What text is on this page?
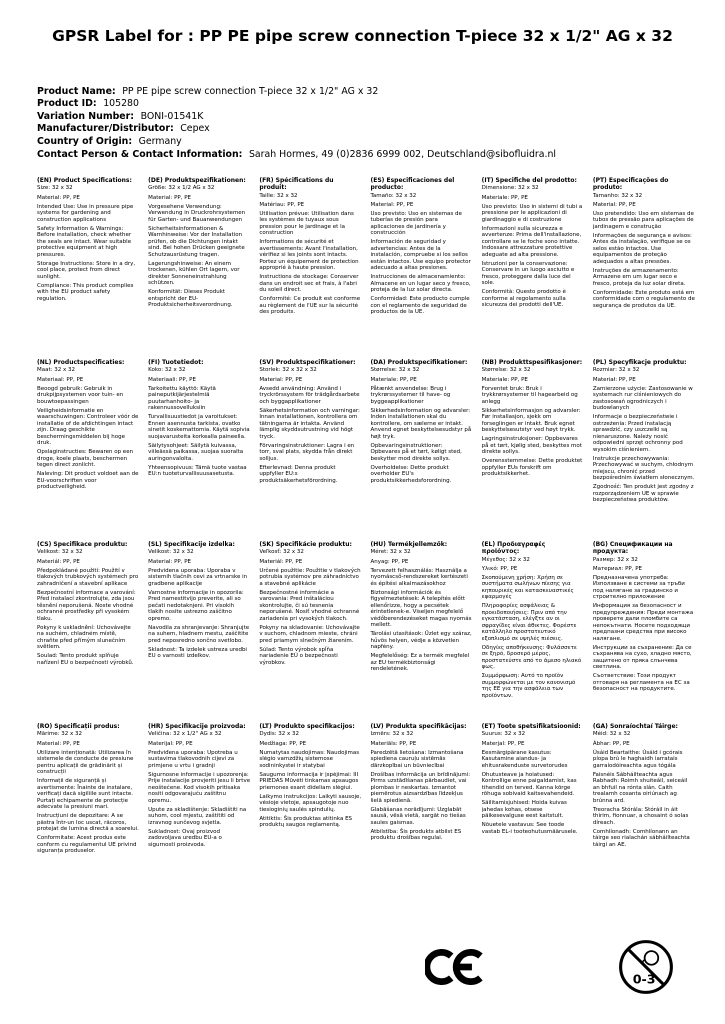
GPSR Label for : PP PE pipe screw connection T-piece 32 x 1/2" AG x 32
Product Name: PP PE pipe screw connection T-piece 32 x 1/2" AG x 32
Product ID: 105280
Variation Number: BONI-01541K
Manufacturer/Distributor: Cepex
Country of Origin: Germany
Contact Person & Contact Information: Sarah Hormes, 49 (0)2836 6999 002, Deutschland@sibofluidra.nl
(EN) Product Specifications:

Size: 32 x 32

Material: PP, PE

Intended Use: Use in pressure pipe systems for gardening and construction applications

Safety Information & Warnings: Before installation, check whether the seals are intact. Wear suitable protective equipment at high pressures.

Storage Instructions: Store in a dry, cool place, protect from direct sunlight.

Compliance: This product complies with the EU product safety regulation.

(DE) Produktspezifikationen:

Größe: 32 x 1/2 AG x 32

Material: PP, PE

Vorgesehene Verwendung: Verwendung in Druckrohrsystemen für Garten- und Bauanwendungen

Sicherheitsinformationen & Warnhinweise: Vor der Installation prüfen, ob die Dichtungen intakt sind. Bei hohen Drücken geeignete Schutzausrüstung tragen.

Lagerungshinweise: An einem trockenen, kühlen Ort lagern, vor direkter Sonneneinstrahlung schützen.

Konformität: Dieses Produkt entspricht der EU-Produktsicherheitsverordnung.

(FR) Spécifications du produit:

Taille: 32 x 32

Matériau: PP, PE

Utilisation prévue: Utilisation dans les systèmes de tuyaux sous pression pour le jardinage et la construction

Informations de sécurité et avertissements: Avant l'installation, vérifiez si les joints sont intacts. Portez un équipement de protection approprié à haute pression.

Instructions de stockage: Conserver dans un endroit sec et frais, à l'abri du soleil direct.

Conformité: Ce produit est conforme au règlement de l'UE sur la sécurité des produits.

(ES) Especificaciones del producto:

Tamaño: 32 x 32

Material: PP, PE

Uso previsto: Uso en sistemas de tuberías de presión para aplicaciones de jardinería y construcción

Información de seguridad y advertencias: Antes de la instalación, compruebe si los sellos están intactos. Use equipo protector adecuado a altas presiones.

Instrucciones de almacenamiento: Almacene en un lugar seco y fresco, proteja de la luz solar directa.

Conformidad: Este producto cumple con el reglamento de seguridad de productos de la UE.

(IT) Specifiche del prodotto:

Dimensione: 32 x 32

Materiale: PP, PE

Uso previsto: Uso in sistemi di tubi a pressione per le applicazioni di giardinaggio e di costruzione

Informazioni sulla sicurezza e avvertenze: Prima dell'installazione, controllare se le foche sono intatte. Indossare attrezzature protettive adeguate ad alta pressione.

Istruzioni per la conservazione: Conservare in un luogo asciutto e fresco, proteggere dalla luce del sole.

Conformità: Questo prodotto è conforme al regolamento sulla sicurezza dei prodotti dell'UE.

(PT) Especificações do produto:

Tamanho: 32 x 32

Material: PP, PE

Uso pretendido: Uso em sistemas de tubos de pressão para aplicações de jardinagem e construção

Informações de segurança e avisos: Antes da instalação, verifique se os selos estão intactos. Use equipamentos de proteção adequados a altas pressões.

Instruções de armazenamento: Armazene em um lugar seco e fresco, proteja da luz solar direta.

Conformidade: Este produto está em conformidade com o regulamento de segurança de produtos da UE.

(NL) Productspecificaties:

Maat: 32 x 32

Materiaal: PP, PE

Beoogd gebruik: Gebruik in drukpijpsystemen voor tuin- en bouwtoepassingen

Veiligheidsinformatie en waarschuwingen: Controleer vóór de installatie of de afdichtingen intact zijn. Draag geschikte beschermingsmiddelen bij hoge druk.

Opslaginstructies: Bewaren op een droge, koele plaats, beschermen tegen direct zonlicht.

Naleving: Dit product voldoet aan de EU-voorschriften voor productveiligheid.

(FI) Tuotetiedot:

Koko: 32 x 32

Materiaali: PP, PE

Tarkoitettu käyttö: Käytä paineputkijärjestelmiä puutarhanhoito- ja rakennussovelluksiin

Turvallisuustiedot ja varoitukset: Ennen asennusta tarkista, ovatko sinetit koskemattomia. Käytä sopivia suojavarusteita korkealla paineella.

Säilytysohjeet: Säilytä kuivassa, viileässä paikassa, suojaa suoralta auringonvalolta.

Yhteensopivuus: Tämä tuote vastaa EU:n tuoteturvallisuusasetusta.

(SV) Produktspecifikationer:

Storlek: 32 x 32 x 32

Material: PP, PE

Avsedd användning: Använd i tryckrörssystem för trädgårdsarbete och byggapplikationer

Säkerhetsinformation och varningar: Innan installationen, kontrollera om tätningarna är intakta. Använd lämplig skyddsutrustning vid högt tryck.

Förvaringsinstruktioner: Lagra i en torr, sval plats, skydda från direkt solljus.

Efterlevnad: Denna produkt uppfyller EU:s produktsäkerhetsförordning.

(DA) Produktspecifikationer:

Størrelse: 32 x 32

Materiale: PP, PE

Påtænkt anvendelse: Brug i trykrørssystemer til have- og byggeapplikationer

Sikkerhedsinformation og advarsler: Inden installationen skal du kontrollere, om sælerne er intakt. Anvend egnet beskyttelsesudstyr på højt tryk.

Opbevaringsinstruktioner: Opbevares på et tørt, køligt sted, beskytter mod direkte sollys.

Overholdelse: Dette produkt overholder EU's produktsikkerhedsforordning.

(NB) Produkttspesifikasjoner:

Størrelse: 32 x 32

Materiale: PP, PE

Forventet bruk: Bruk i trykkrørsystemer til hagearbeid og anlegg

Sikkerhetsinformasjon og advarsler: Før installasjon, sjekk om forseglingen er intakt. Bruk egnet beskyttelsesutstyr ved høyt trykk.

Lagringsinstruksjoner: Oppbevares på et tørt, kjølig sted, beskyttes mot direkte sollys.

Overensstemmelse: Dette produktet oppfyller EUs forskrift om produktsikkerhet.

(PL) Specyfikacje produktu:

Rozmiar: 32 x 32

Materiał: PP, PE

Zamierzone użycie: Zastosowanie w systemach rur ciśnieniowych do zastosowań ogrodniczych i budowlanych

Informacje o bezpieczeństwie i ostrzeżenia: Przed instalacją sprawdzić, czy uszczelki są nienaruszone. Należy nosić odpowiedni sprzęt ochronny pod wysokim ciśnieniem.

Instrukcje przechowywania: Przechowywać w suchym, chłodnym miejscu, chronić przed bezpośrednim światłem słonecznym.

Zgodność: Ten produkt jest zgodny z rozporządzeniem UE w sprawie bezpieczeństwa produktów.

(CS) Specifikace produktu:

Velikost: 32 x 32

Materiál: PP, PE

Předpokládané použití: Použití v tlakových trubkových systémech pro zahradničení a stavební aplikace

Bezpečnostní informace a varování: Před instalací zkontrolujte, zda jsou těsnění neporušená. Noste vhodné ochranné prostředky při vysokém tlaku.

Pokyny k uskladnění: Uchovávejte na suchém, chladném místě, chraňte před přímým slunečním světlem.

Soulad: Tento produkt splňuje nařízení EU o bezpečnosti výrobků.

(SL) Specifikacije izdelka:

Velikost: 32 x 32

Material: PP, PE

Predvidena uporaba: Uporaba v sistemih tlačnih cevi za vrtnarske in gradbene aplikacije

Varnostne informacije in opozorila: Pred namestitvijo preverite, ali so pečati nedotaknjeni. Pri visokih tlakih nosite ustrezno zaščitno opremo.

Navodila za shranjevanje: Shranjujte na suhem, hladnem mestu, zaščitite pred neposredno sončno svetlobo.

Skladnost: Ta izdelek ustreza uredbi EU o varnosti izdelkov.

(SK) Špecifikácie produktu:

Veľkosť: 32 x 32

Materiál: PP, PE

Určené použitie: Použitie v tlakových potrubia systémov pre záhradníctvo a stavebné aplikácie

Bezpečnostné informácie a varovania: Pred inštaláciou skontrolujte, či sú tesnenia neporušené. Nosiť vhodné ochranné zariadenia pri vysokých tlakoch.

Pokyny na skladovanie: Uchovávajte v suchom, chladnom mieste, chráni pred priamym slnečným žiarením.

Súlad: Tento výrobok spĺňa nariadenie EÚ o bezpečnosti výrobkov.

(HU) Termékjellemzők:

Méret: 32 x 32

Anyag: PP, PE

Tervezett felhasználás: Használja a nyomáscső-rendszereket kertészeti és építési alkalmazásokhoz

Biztonsági információk és figyelmeztetések: A telepítés előtt ellenőrizze, hogy a pecsétek érintetlenek-e. Viseljen megfelelő védőberendezéseket magas nyomás mellett.

Tárolási utasítások: Üzlet egy száraz, hűvös helyen, védje a közvetlen napfény.

Megfelelőség: Ez a termék megfelel az EU termékbiztonsági rendeletének.

(EL) Προδιαγραφές προϊόντος:

Μέγεθος: 32 x 32

Υλικό: PP, PE

Σκοπούμενη χρήση: Χρήση σε συστήματα σωλήνων πίεσης για κηπουρικές και κατασκευαστικές εφαρμογές

Πληροφορίες ασφάλειας & προειδοποιήσεις: Πριν από την εγκατάσταση, ελέγξτε αν οι σφραγίδες είναι άθικτες. Φορέστε κατάλληλο προστατευτικό εξοπλισμό σε υψηλές πιέσεις.

Οδηγίες αποθήκευσης: Φυλάσσετε σε ξηρό, δροσερό μέρος, προστατεύστε από το άμεσο ηλιακό φως.

Συμμόρφωση: Αυτό το προϊόν συμμορφώνεται με τον κανονισμό της ΕΕ για την ασφάλεια των προϊόντων.

(BG) Спецификации на продукта:

Размер: 32 x 32

Материал: PP, PE

Предназначена употреба: Използване в системи за тръби под налягане за градинско и строително приложение

Информация за безопасност и предупреждения: Преди монтажа проверете дали пломбите са непокътнати. Носете подходящи предпазни средства при високо налягане.

Инструкции за съхранение: Да се съхранява на сухо, хладно място, защитено от пряка слънчева светлина.

Съответствие: Този продукт отговаря на регламента на ЕС за безопасност на продуктите.

(RO) Specificații produs:

Mărime: 32 x 32

Material: PP, PE

Utilizare intenționată: Utilizarea în sistemele de conducte de presiune pentru aplicații de grădinărit și construcții

Informații de siguranță și avertismente: Înainte de instalare, verificați dacă sigiliile sunt intacte. Purtați echipamente de protecție adecvate la presiuni mari.

Instrucțiuni de depozitare: A se păstra într-un loc uscat, răcoros, protejat de lumina directă a soarelui.

Conformitate: Acest produs este conform cu regulamentul UE privind siguranța produselor.

(HR) Specifikacije proizvoda:

Veličina: 32 x 1/2" AG x 32

Materijal: PP, PE

Predviđena uporaba: Upotreba u sustavima tlakovodnih cijevi za primjene u vrtu i gradnji

Sigurnosne informacije i upozorenja: Prije instalacije provjeriti jesu li brtve neoštećene. Kod visokih pritisaka nositi odgovarajuću zaštitnu opremu.

Upute za skladištenje: Skladištiti na suhom, cool mjestu, zaštititi od izravnog sunčevog svjetla.

Sukladnost: Ovaj proizvod zadovoljava uredbu EU-a o sigurnosti proizvoda.

(LT) Produkto specifikacijos:

Dydis: 32 x 32

Medžiaga: PP, PE

Numatytas naudojimas: Naudojimas slėgio vamzdžių sistemose sodininkystei ir statybai

Saugumo informacija ir įspėjimai: III PRIEDAS Mūvėti tinkamas apsaugos priemones esant dideliam slėgiui.

Laikymo instrukcijos: Laikyti sausoje, vėsioje vietoje, apsaugotoje nuo tiesioginių saulės spindulių.

Atitiktis: Šis produktas atitinka ES produktų saugos reglamentą.

(LV) Produkta specifikācijas:

Izmērs: 32 x 32

Materiāls: PP, PE

Paredzētā lietošana: Izmantošana spiediena cauruļu sistēmās dārzkopībai un būvniecībai

Drošības informācija un brīdinājumi: Pirms uzstādīšanas pārbaudiet, vai plombas ir neskartas. Izmantot piemērotus aizsardzības līdzekļus lielā spiedienā.

Glabāšanas norādījumi: Uzglabāt sausā, vēsā vietā, sargāt no tiešas saules gaismas.

Atbilstība: Šis produkts atbilst ES produktu drošības regulai.

(ET) Toote spetsifikatsioonid:

Suurus: 32 x 32

Materjal: PP, PE

Eesmärgipärane kasutus: Kasutamine aiandus- ja ehitusrakenduste survetorudes

Ohutusteave ja hoiatused: Kontrollige enne paigaldamist, kas tihendid on terved. Kanna kõrge rõhuga sobivaid kaitsevahendeid.

Säilitamisjuhised: Hoida kuivas jahedas kohas, otsese päikesevalguse eest kaitstult.

Nõuetele vastavus: See toode vastab EL-i tooteohutusmäärusele.

(GA) Sonraíochtaí Táirge:

Méid: 32 x 32

Ábhar: PP, PE

Úsáid Beartaithe: Úsáid i gcórais píopa brú le haghaidh iarratais garraíodóireachta agus tógála

Faisnéis Sábháilteachta agus Rabhadh: Roimh shuiteáil, seiceáil an bhfuil na rónta slán. Caith trealamh cosanta oiriúnach ag brúnna ard.

Treoracha Stórála: Stóráil in áit thirim, fionnuar, a chosaint ó solas díreach.

Comhlíonadh: Comhlíonann an táirge seo rialachán sábháilteachta táirgí an AE.

0-3
